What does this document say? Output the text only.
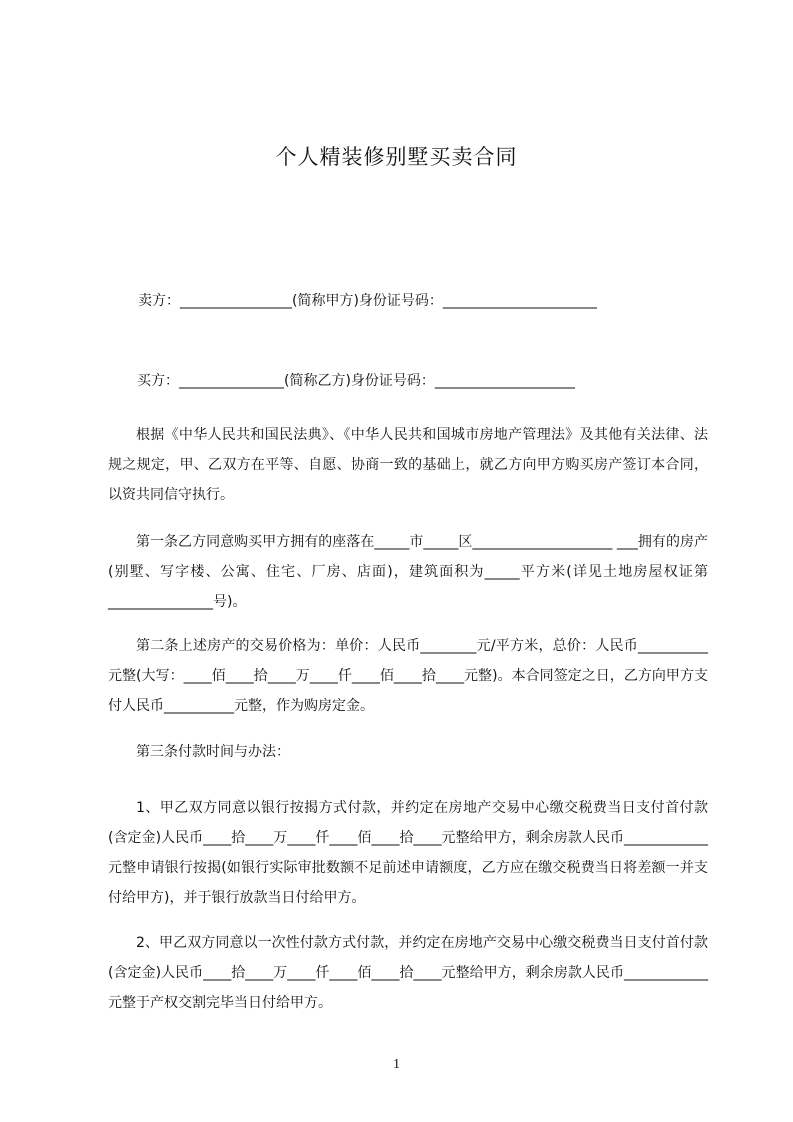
个人精装修别墅买卖合同
卖方：________________(简称甲方)身份证号码：______________________
买方：_______________(简称乙方)身份证号码：____________________
根据《中华人民共和国民法典》、《中华人民共和国城市房地产管理法》及其他有关法律、法规之规定，甲、乙双方在平等、自愿、协商一致的基础上，就乙方向甲方购买房产签订本合同，以资共同信守执行。
第一条乙方同意购买甲方拥有的座落在_____市_____区____________________ ___拥有的房产(别墅、写字楼、公寓、住宅、厂房、店面)，建筑面积为_____平方米(详见土地房屋权证第_______________号)。
第二条上述房产的交易价格为：单价：人民币________元/平方米，总价：人民币__________元整(大写：____佰____拾____万____仟____佰____拾____元整)。本合同签定之日，乙方向甲方支付人民币__________元整，作为购房定金。
第三条付款时间与办法：
1、甲乙双方同意以银行按揭方式付款，并约定在房地产交易中心缴交税费当日支付首付款(含定金)人民币____拾____万____仟____佰____拾____元整给甲方，剩余房款人民币____________元整申请银行按揭(如银行实际审批数额不足前述申请额度，乙方应在缴交税费当日将差额一并支付给甲方)，并于银行放款当日付给甲方。
2、甲乙双方同意以一次性付款方式付款，并约定在房地产交易中心缴交税费当日支付首付款(含定金)人民币____拾____万____仟____佰____拾____元整给甲方，剩余房款人民币____________元整于产权交割完毕当日付给甲方。
1
